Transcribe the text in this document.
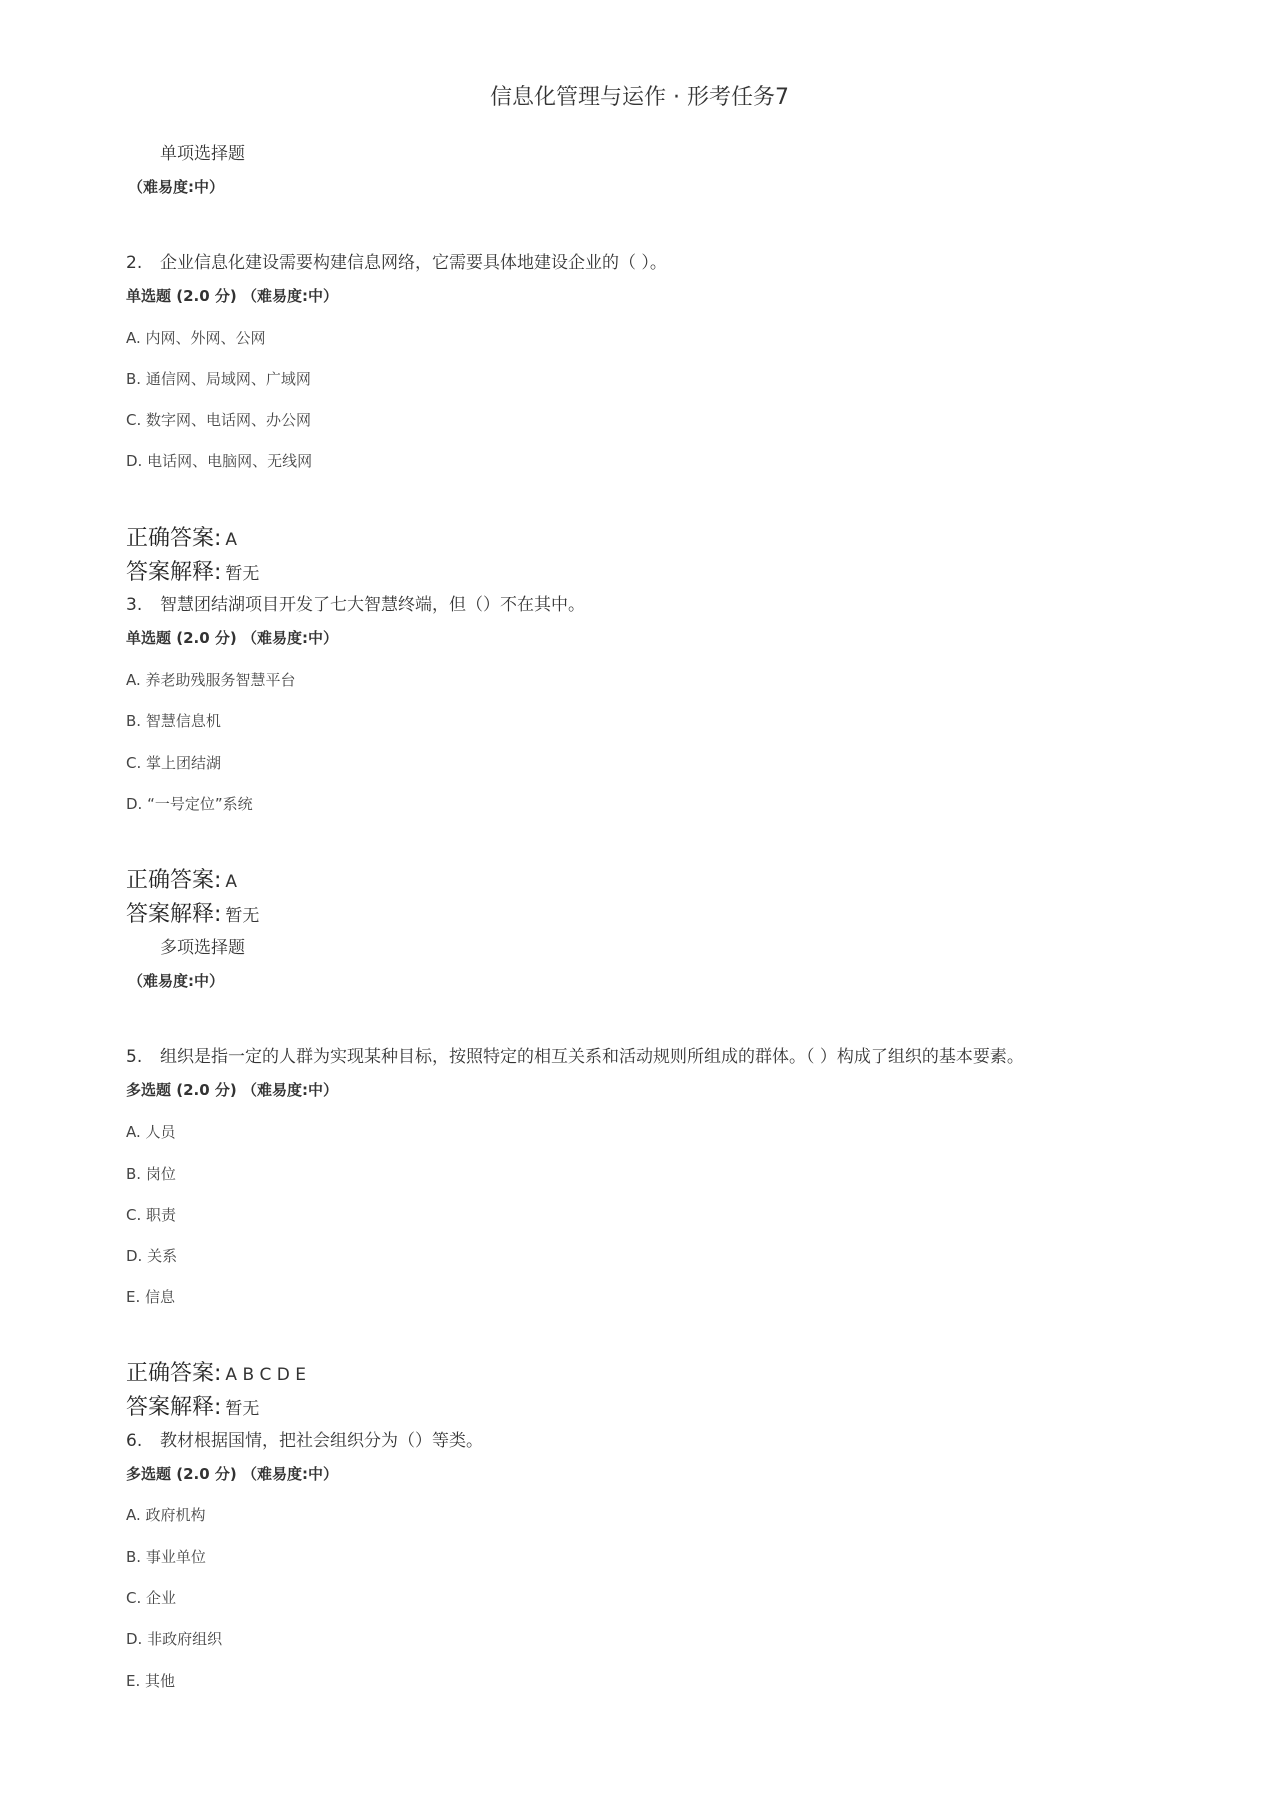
信息化管理与运作 · 形考任务7
单项选择题
（难易度:中）
2. 企业信息化建设需要构建信息网络，它需要具体地建设企业的（ ）。
单选题 (2.0 分) （难易度:中）
A. 内网、外网、公网
B. 通信网、局域网、广域网
C. 数字网、电话网、办公网
D. 电话网、电脑网、无线网
正确答案: A
答案解释: 暂无
3. 智慧团结湖项目开发了七大智慧终端，但（）不在其中。
单选题 (2.0 分) （难易度:中）
A. 养老助残服务智慧平台
B. 智慧信息机
C. 掌上团结湖
D. “一号定位”系统
正确答案: A
答案解释: 暂无
多项选择题
（难易度:中）
5. 组织是指一定的人群为实现某种目标，按照特定的相互关系和活动规则所组成的群体。（ ）构成了组织的基本要素。
多选题 (2.0 分) （难易度:中）
A. 人员
B. 岗位
C. 职责
D. 关系
E. 信息
正确答案: A B C D E
答案解释: 暂无
6. 教材根据国情，把社会组织分为（）等类。
多选题 (2.0 分) （难易度:中）
A. 政府机构
B. 事业单位
C. 企业
D. 非政府组织
E. 其他
